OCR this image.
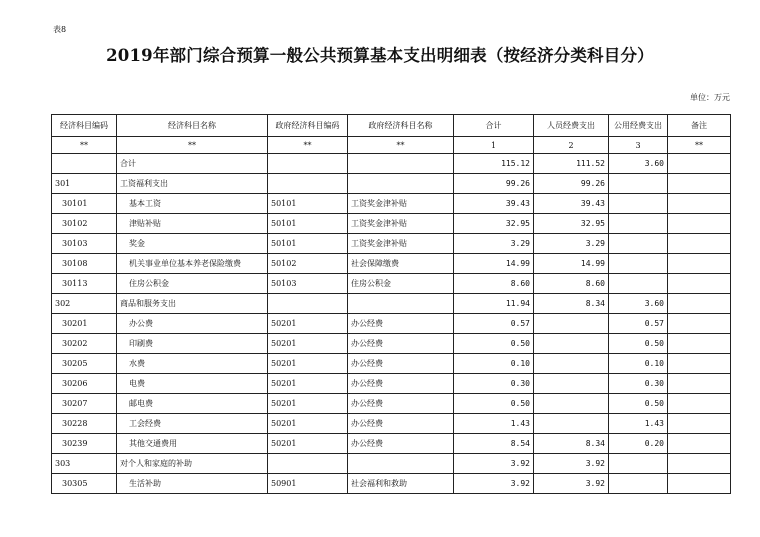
表8
2019年部门综合预算一般公共预算基本支出明细表（按经济分类科目分）
单位：万元
经济科目编码	经济科目名称	政府经济科目编码	政府经济科目名称	合计	人员经费支出	公用经费支出	备注
**	**	**	**	1	2	3	**
	合计			115.12	111.52	3.60	
301	工资福利支出			99.26	99.26		
30101	基本工资	50101	工资奖金津补贴	39.43	39.43		
30102	津贴补贴	50101	工资奖金津补贴	32.95	32.95		
30103	奖金	50101	工资奖金津补贴	3.29	3.29		
30108	机关事业单位基本养老保险缴费	50102	社会保障缴费	14.99	14.99		
30113	住房公积金	50103	住房公积金	8.60	8.60		
302	商品和服务支出			11.94	8.34	3.60	
30201	办公费	50201	办公经费	0.57		0.57	
30202	印刷费	50201	办公经费	0.50		0.50	
30205	水费	50201	办公经费	0.10		0.10	
30206	电费	50201	办公经费	0.30		0.30	
30207	邮电费	50201	办公经费	0.50		0.50	
30228	工会经费	50201	办公经费	1.43		1.43	
30239	其他交通费用	50201	办公经费	8.54	8.34	0.20	
303	对个人和家庭的补助			3.92	3.92		
30305	生活补助	50901	社会福利和救助	3.92	3.92		
